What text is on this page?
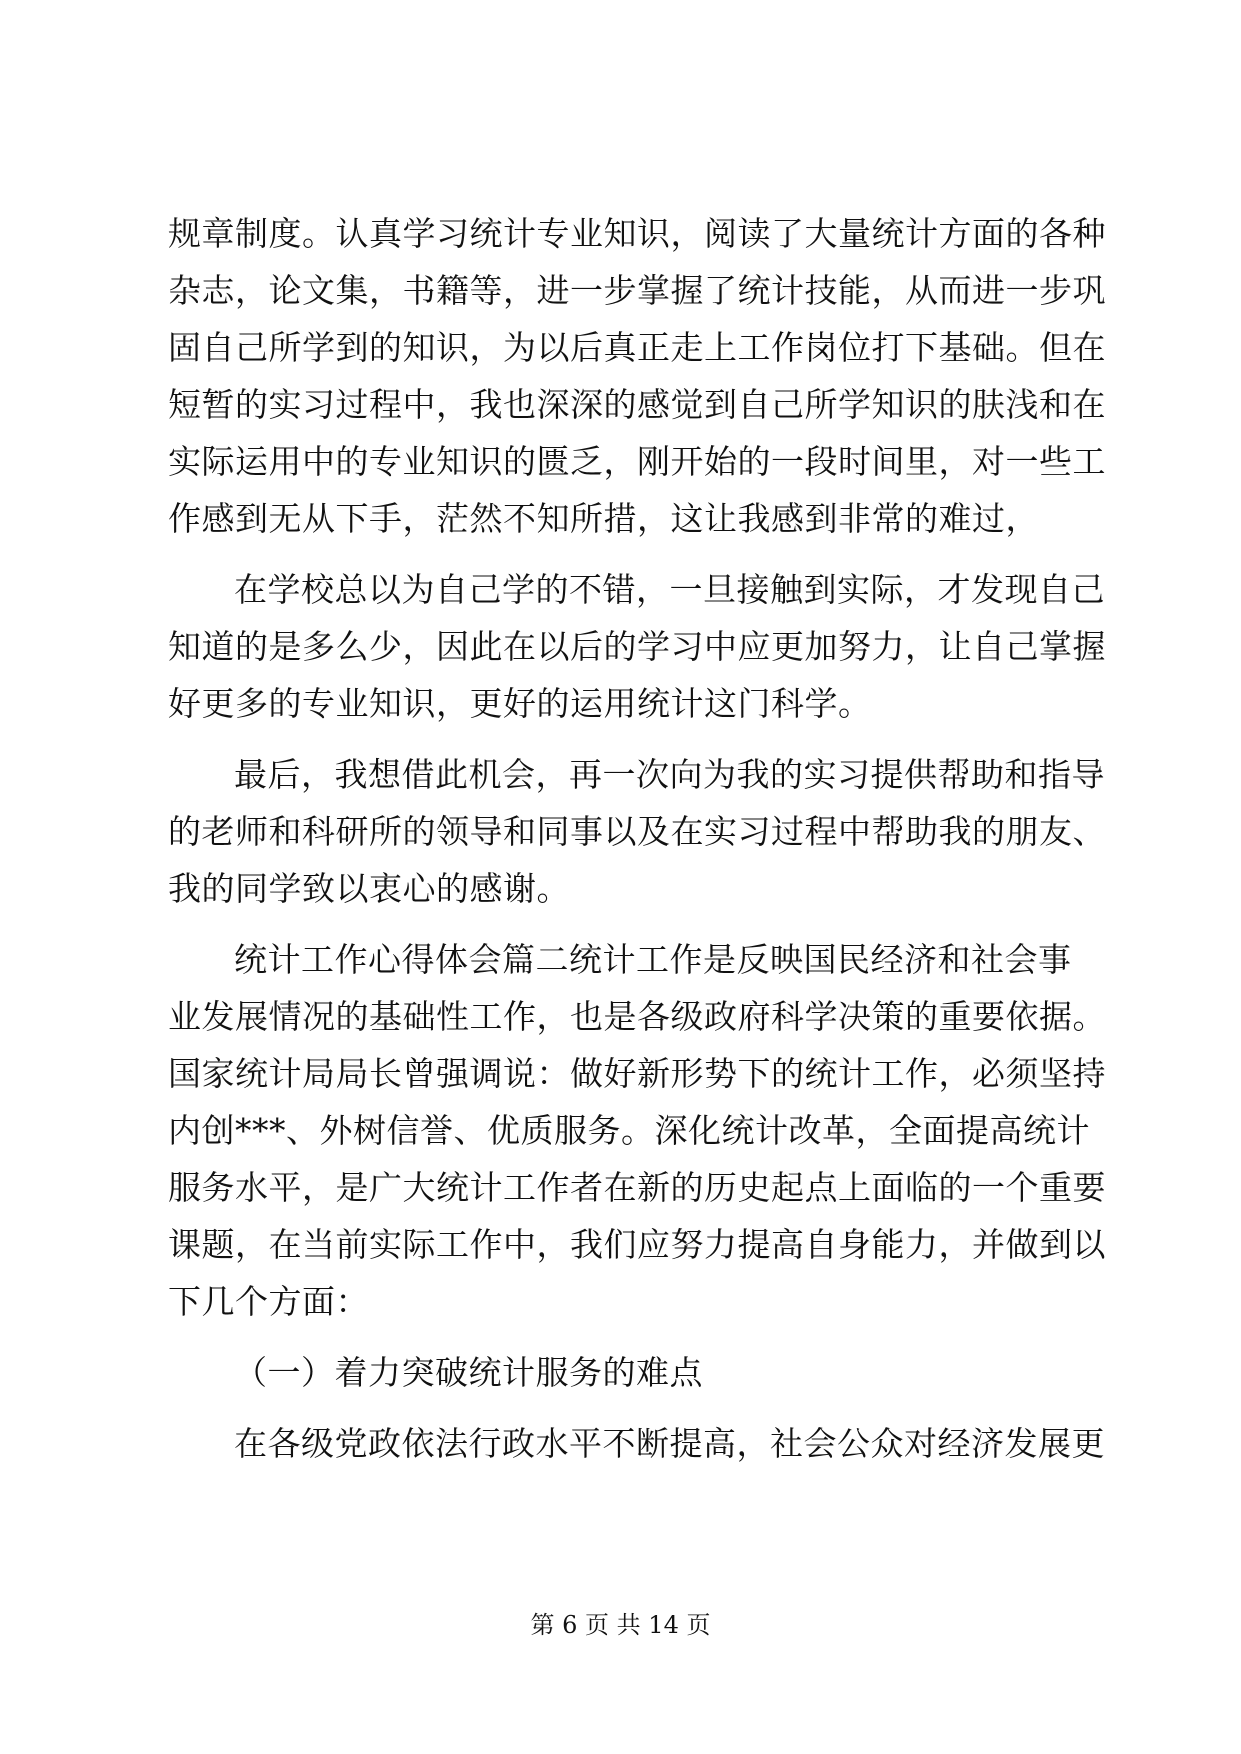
规章制度。认真学习统计专业知识，阅读了大量统计方面的各种
杂志，论文集，书籍等，进一步掌握了统计技能，从而进一步巩
固自己所学到的知识，为以后真正走上工作岗位打下基础。但在
短暂的实习过程中，我也深深的感觉到自己所学知识的肤浅和在
实际运用中的专业知识的匮乏，刚开始的一段时间里，对一些工
作感到无从下手，茫然不知所措，这让我感到非常的难过，
在学校总以为自己学的不错，一旦接触到实际，才发现自己
知道的是多么少，因此在以后的学习中应更加努力，让自己掌握
好更多的专业知识，更好的运用统计这门科学。
最后，我想借此机会，再一次向为我的实习提供帮助和指导
的老师和科研所的领导和同事以及在实习过程中帮助我的朋友、
我的同学致以衷心的感谢。
统计工作心得体会篇二统计工作是反映国民经济和社会事
业发展情况的基础性工作，也是各级政府科学决策的重要依据。
国家统计局局长曾强调说：做好新形势下的统计工作，必须坚持
内创***、外树信誉、优质服务。深化统计改革，全面提高统计
服务水平，是广大统计工作者在新的历史起点上面临的一个重要
课题，在当前实际工作中，我们应努力提高自身能力，并做到以
下几个方面：
（一）着力突破统计服务的难点
在各级党政依法行政水平不断提高，社会公众对经济发展更
第 6 页 共 14 页
